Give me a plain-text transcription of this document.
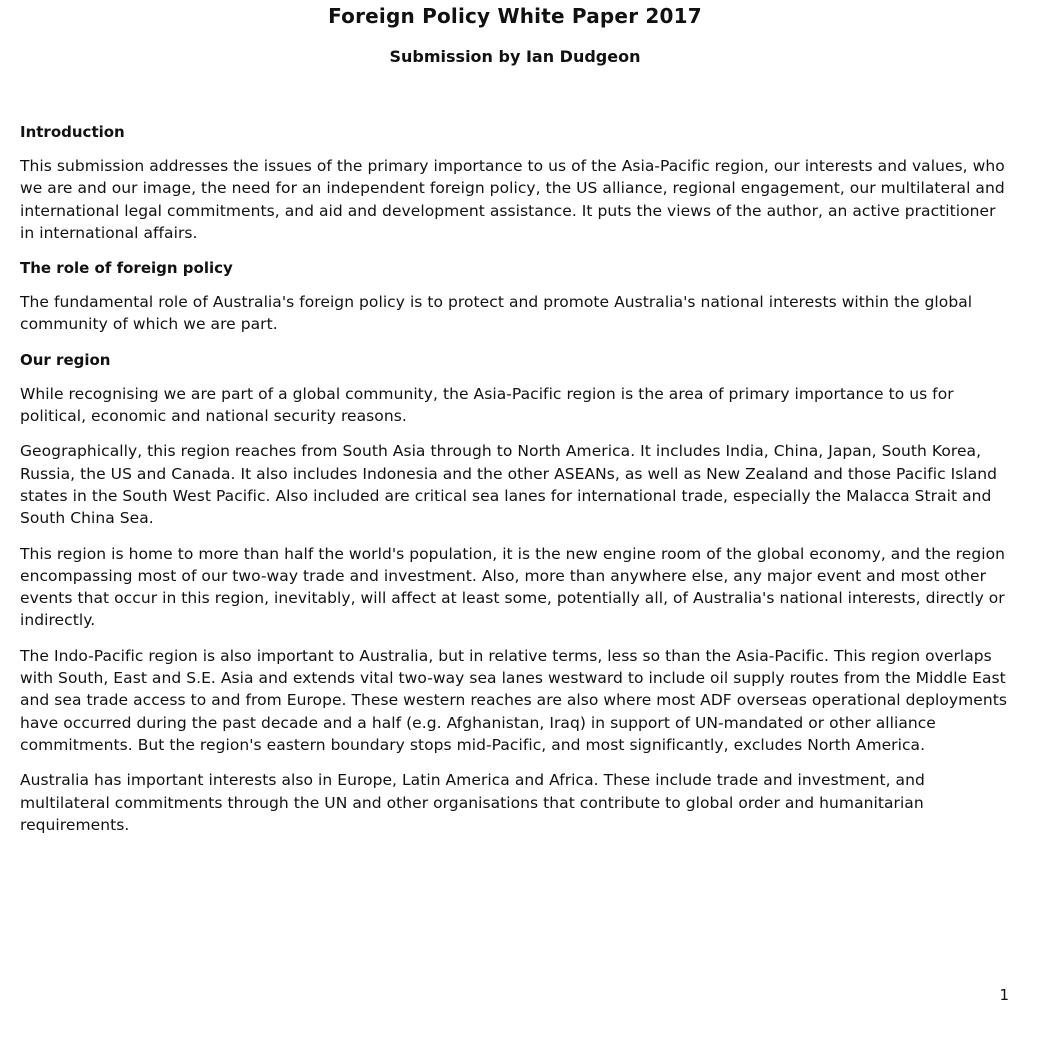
Foreign Policy White Paper 2017
Submission by Ian Dudgeon
Introduction

This submission addresses the issues of the primary importance to us of the Asia-Pacific region, our interests and values, who we are and our image, the need for an independent foreign policy, the US alliance, regional engagement, our multilateral and international legal commitments, and aid and development assistance. It puts the views of the author, an active practitioner in international affairs.

The role of foreign policy

The fundamental role of Australia's foreign policy is to protect and promote Australia's national interests within the global community of which we are part.

Our region

While recognising we are part of a global community, the Asia-Pacific region is the area of primary importance to us for political, economic and national security reasons.

Geographically, this region reaches from South Asia through to North America. It includes India, China, Japan, South Korea, Russia, the US and Canada. It also includes Indonesia and the other ASEANs, as well as New Zealand and those Pacific Island states in the South West Pacific. Also included are critical sea lanes for international trade, especially the Malacca Strait and South China Sea.

This region is home to more than half the world's population, it is the new engine room of the global economy, and the region encompassing most of our two-way trade and investment. Also, more than anywhere else, any major event and most other events that occur in this region, inevitably, will affect at least some, potentially all, of Australia's national interests, directly or indirectly.

The Indo-Pacific region is also important to Australia, but in relative terms, less so than the Asia-Pacific. This region overlaps with South, East and S.E. Asia and extends vital two-way sea lanes westward to include oil supply routes from the Middle East and sea trade access to and from Europe. These western reaches are also where most ADF overseas operational deployments have occurred during the past decade and a half (e.g. Afghanistan, Iraq) in support of UN-mandated or other alliance commitments. But the region's eastern boundary stops mid-Pacific, and most significantly, excludes North America.

Australia has important interests also in Europe, Latin America and Africa. These include trade and investment, and multilateral commitments through the UN and other organisations that contribute to global order and humanitarian requirements.

1
